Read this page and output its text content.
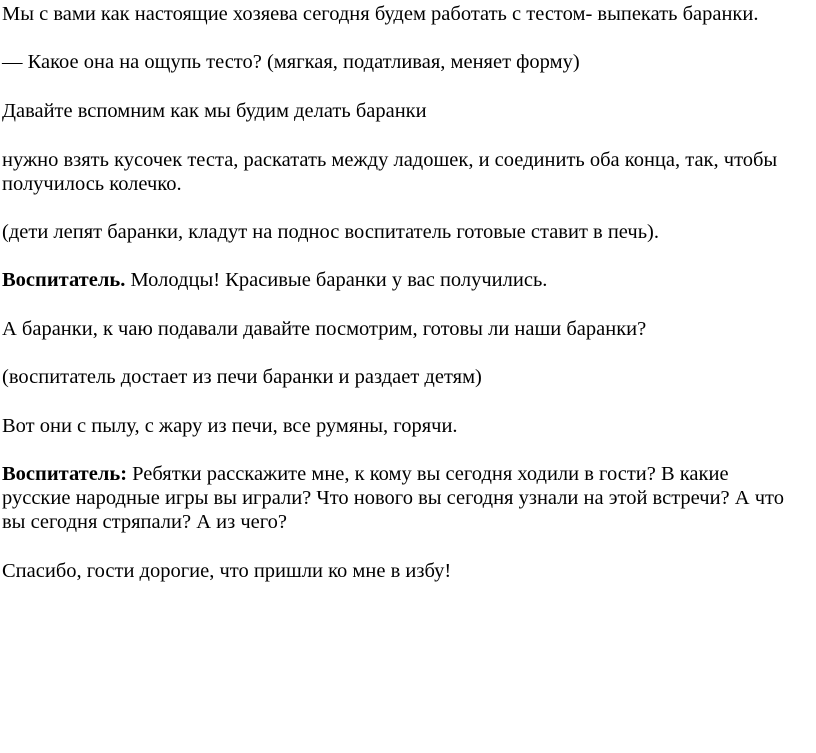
Мы с вами как настоящие хозяева сегодня будем работать с тестом- выпекать баранки.

— Какое она на ощупь тесто? (мягкая, податливая, меняет форму)

Давайте вспомним как мы будим делать баранки

нужно взять кусочек теста, раскатать между ладошек, и соединить оба конца, так, чтобы
получилось колечко.

(дети лепят баранки, кладут на поднос воспитатель готовые ставит в печь).

Воспитатель. Молодцы! Красивые баранки у вас получились.

А баранки, к чаю подавали давайте посмотрим, готовы ли наши баранки?

(воспитатель достает из печи баранки и раздает детям)

Вот они с пылу, с жару из печи, все румяны, горячи.

Воспитатель: Ребятки расскажите мне, к кому вы сегодня ходили в гости? В какие
русские народные игры вы играли? Что нового вы сегодня узнали на этой встречи? А что
вы сегодня стряпали? А из чего?

Спасибо, гости дорогие, что пришли ко мне в избу!
